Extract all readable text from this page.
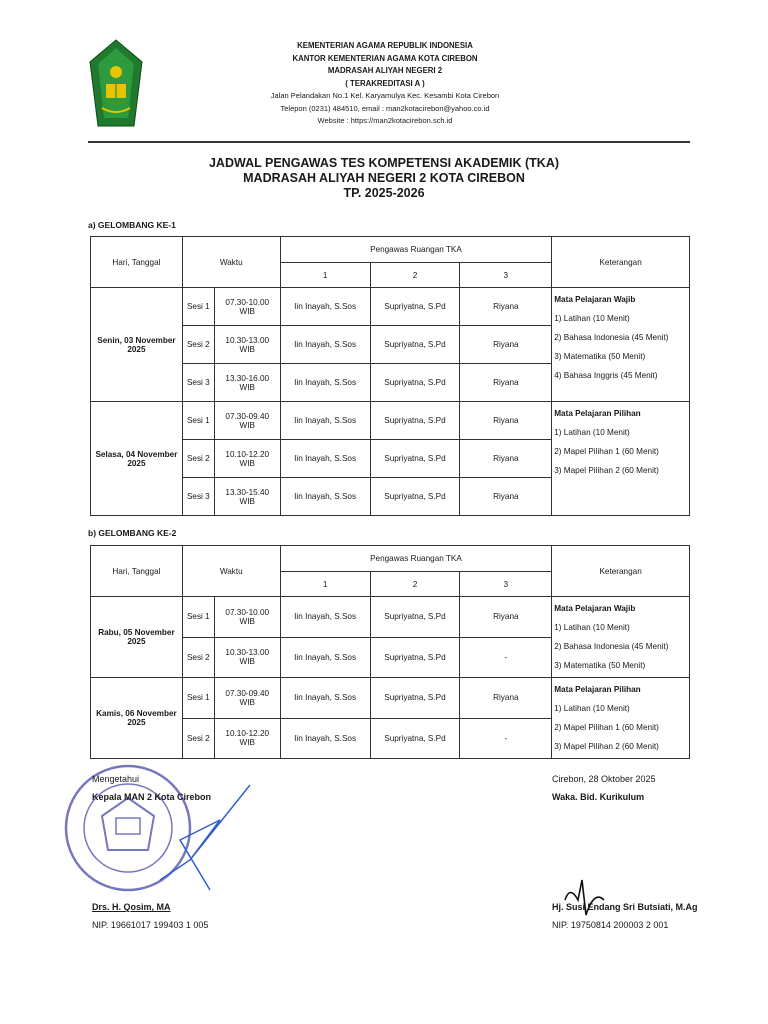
KEMENTERIAN AGAMA REPUBLIK INDONESIA
KANTOR KEMENTERIAN AGAMA KOTA CIREBON
MADRASAH ALIYAH NEGERI 2
( TERAKREDITASI A )
Jalan Pelandakan No.1 Kel. Karyamulya Kec. Kesambi Kota Cirebon
Telepon (0231) 484510, email : man2kotacirebon@yahoo.co.id
Website : https://man2kotacirebon.sch.id
JADWAL PENGAWAS TES KOMPETENSI AKADEMIK (TKA)
MADRASAH ALIYAH NEGERI 2 KOTA CIREBON
TP. 2025-2026
a) GELOMBANG KE-1
Hari, Tanggal	Waktu		Pengawas Ruangan TKA			Keterangan
			1	2	3	
Senin, 03 November 2025	Sesi 1	07.30-10.00 WIB	Iin Inayah, S.Sos	Supriyatna, S.Pd	Riyana	Mata Pelajaran Wajib
1) Latihan (10 Menit)
2) Bahasa Indonesia (45 Menit)
3) Matematika (50 Menit)
4) Bahasa Inggris (45 Menit)

	Sesi 2	10.30-13.00 WIB	Iin Inayah, S.Sos	Supriyatna, S.Pd	Riyana	
	Sesi 3	13.30-16.00 WIB	Iin Inayah, S.Sos	Supriyatna, S.Pd	Riyana	
Selasa, 04 November 2025	Sesi 1	07.30-09.40 WIB	Iin Inayah, S.Sos	Supriyatna, S.Pd	Riyana	Mata Pelajaran Pilihan
1) Latihan (10 Menit)
2) Mapel Pilihan 1 (60 Menit)
3) Mapel Pilihan 2 (60 Menit)

	Sesi 2	10.10-12.20 WIB	Iin Inayah, S.Sos	Supriyatna, S.Pd	Riyana	
	Sesi 3	13.30-15.40 WIB	Iin Inayah, S.Sos	Supriyatna, S.Pd	Riyana	
b) GELOMBANG KE-2
Hari, Tanggal	Waktu		Pengawas Ruangan TKA			Keterangan
			1	2	3	
Rabu, 05 November 2025	Sesi 1	07.30-10.00 WIB	Iin Inayah, S.Sos	Supriyatna, S.Pd	Riyana	Mata Pelajaran Wajib
1) Latihan (10 Menit)
2) Bahasa Indonesia (45 Menit)
3) Matematika (50 Menit)

	Sesi 2	10.30-13.00 WIB	Iin Inayah, S.Sos	Supriyatna, S.Pd	-	
Kamis, 06 November 2025	Sesi 1	07.30-09.40 WIB	Iin Inayah, S.Sos	Supriyatna, S.Pd	Riyana	Mata Pelajaran Pilihan
1) Latihan (10 Menit)
2) Mapel Pilihan 1 (60 Menit)
3) Mapel Pilihan 2 (60 Menit)

	Sesi 2	10.10-12.20 WIB	Iin Inayah, S.Sos	Supriyatna, S.Pd	-	
Mengetahui
Kepala MAN 2 Kota Cirebon
Drs. H. Qosim, MA
NIP. 19661017 199403 1 005
Cirebon, 28 Oktober 2025
Waka. Bid. Kurikulum
Hj. Susi Endang Sri Butsiati, M.Ag
NIP. 19750814 200003 2 001
